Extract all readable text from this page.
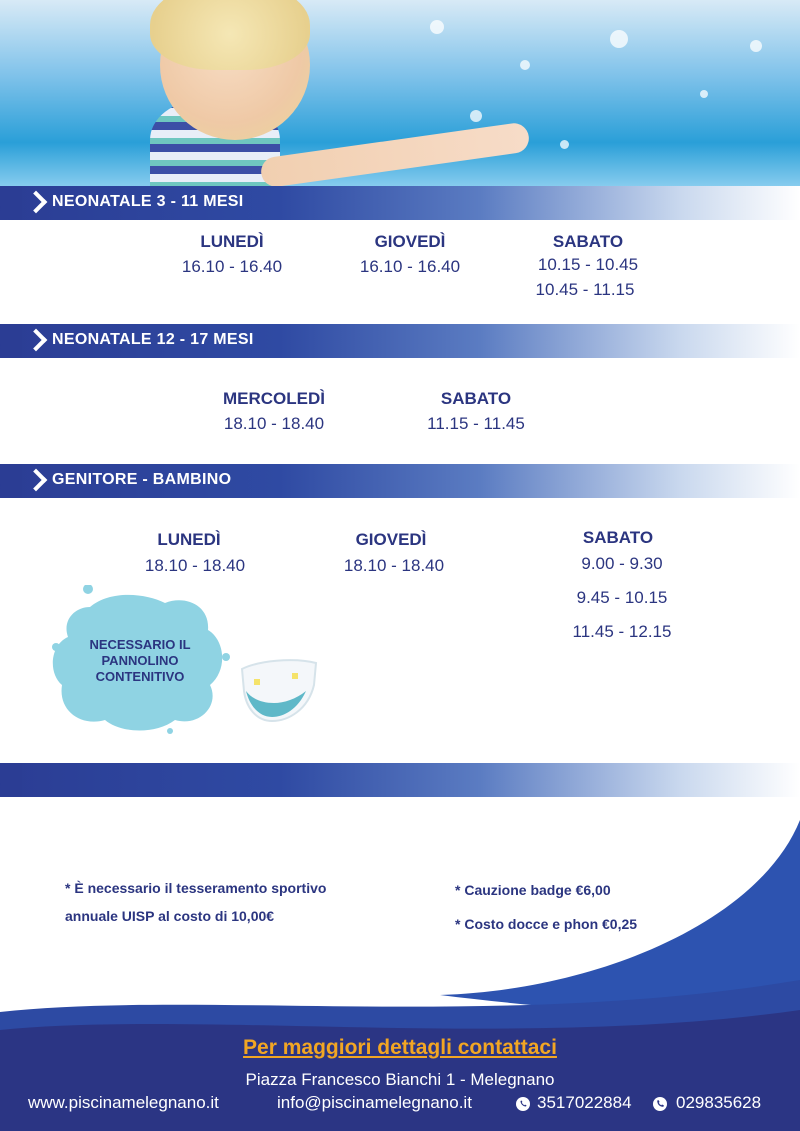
NEONATALE 3 - 11 MESI
LUNEDÌ
16.10 - 16.40
GIOVEDÌ
16.10 - 16.40
SABATO
10.15 - 10.45
10.45 - 11.15
NEONATALE 12 - 17 MESI
MERCOLEDÌ
18.10 - 18.40
SABATO
11.15 - 11.45
GENITORE - BAMBINO
LUNEDÌ
18.10 - 18.40
GIOVEDÌ
18.10 - 18.40
SABATO
9.00 - 9.30
9.45 - 10.15
11.45 - 12.15
NECESSARIO IL PANNOLINO CONTENITIVO
* È necessario il tesseramento sportivo
annuale UISP al costo di 10,00€
* Cauzione badge €6,00
* Costo docce e phon €0,25
Per maggiori dettagli contattaci
Piazza Francesco Bianchi 1 - Melegnano
www.piscinamelegnano.it	info@piscinamelegnano.it	3517022884	029835628
